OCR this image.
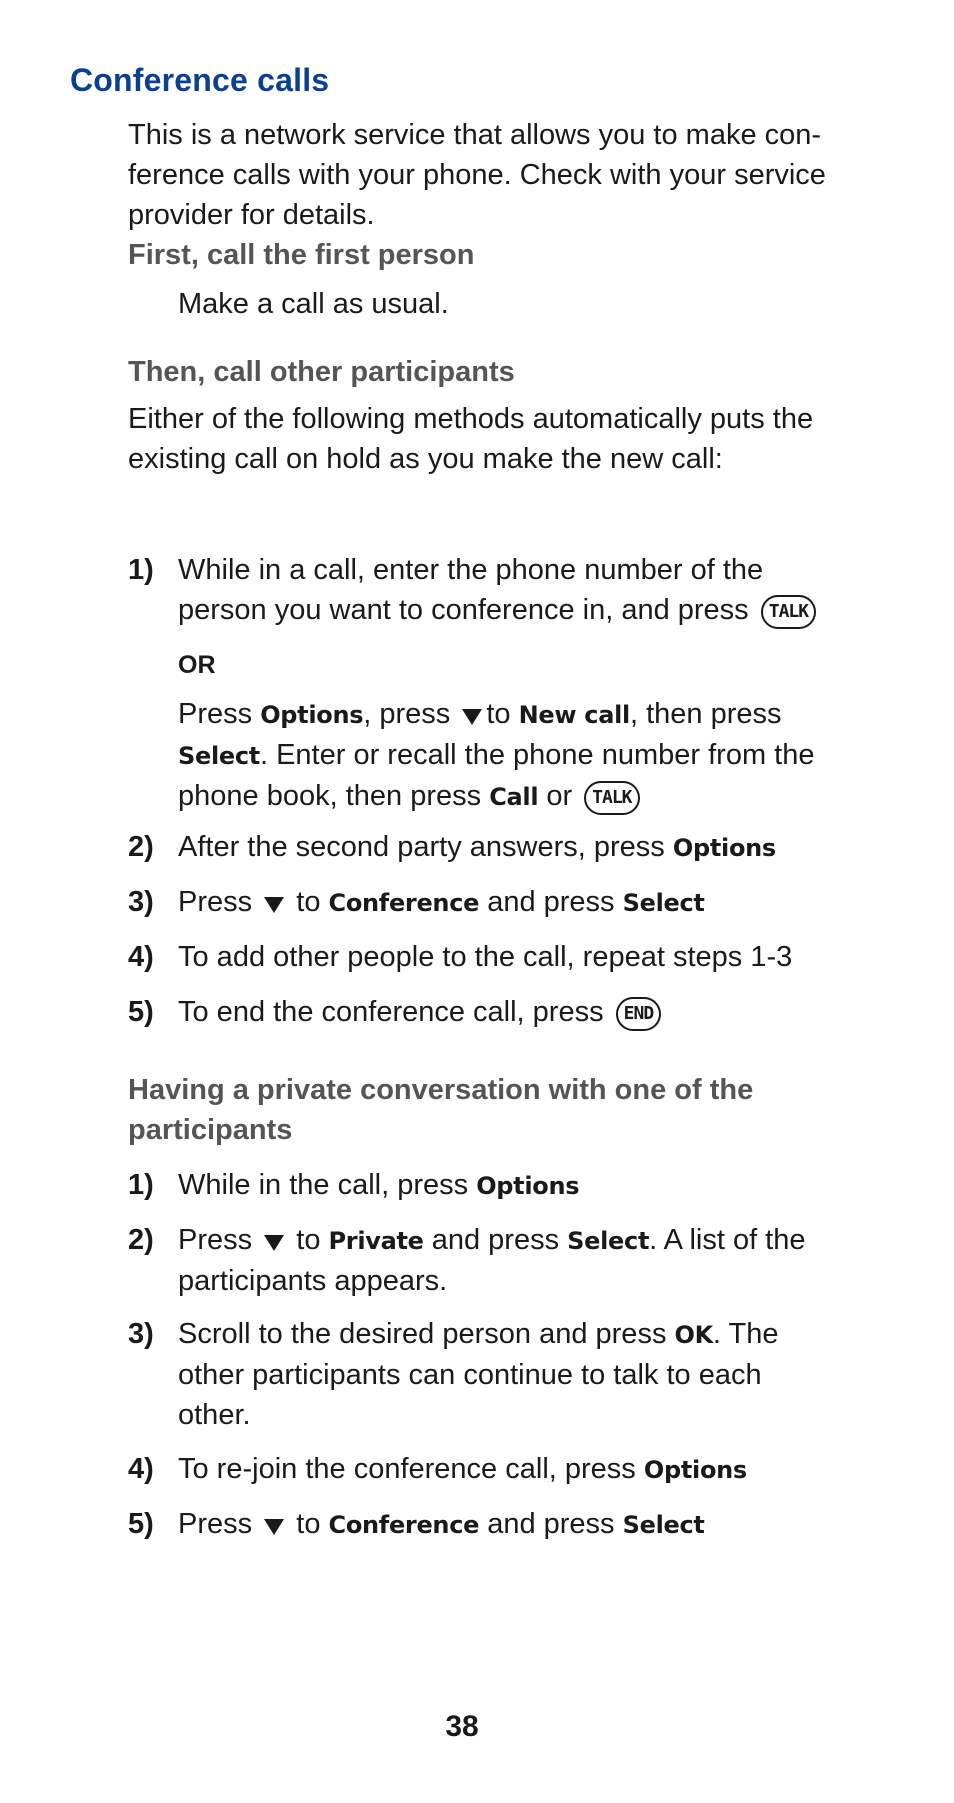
Conference calls
This is a network service that allows you to make con-
ference calls with your phone. Check with your service
provider for details.
First, call the first person

Make a call as usual.

Then, call other participants
Either of the following methods automatically puts the
existing call on hold as you make the new call:
1) While in a call, enter the phone number of the
person you want to conference in, and press TALK
OR
Press Options, press to New call, then press
Select. Enter or recall the phone number from the
phone book, then press Call or TALK
2) After the second party answers, press Options
3) Press to Conference and press Select
4) To add other people to the call, repeat steps 1-3
5) To end the conference call, press END
Having a private conversation with one of the
participants
1) While in the call, press Options
2) Press to Private and press Select. A list of the
participants appears.
3) Scroll to the desired person and press OK. The
other participants can continue to talk to each
other.
4) To re-join the conference call, press Options
5) Press to Conference and press Select
38
